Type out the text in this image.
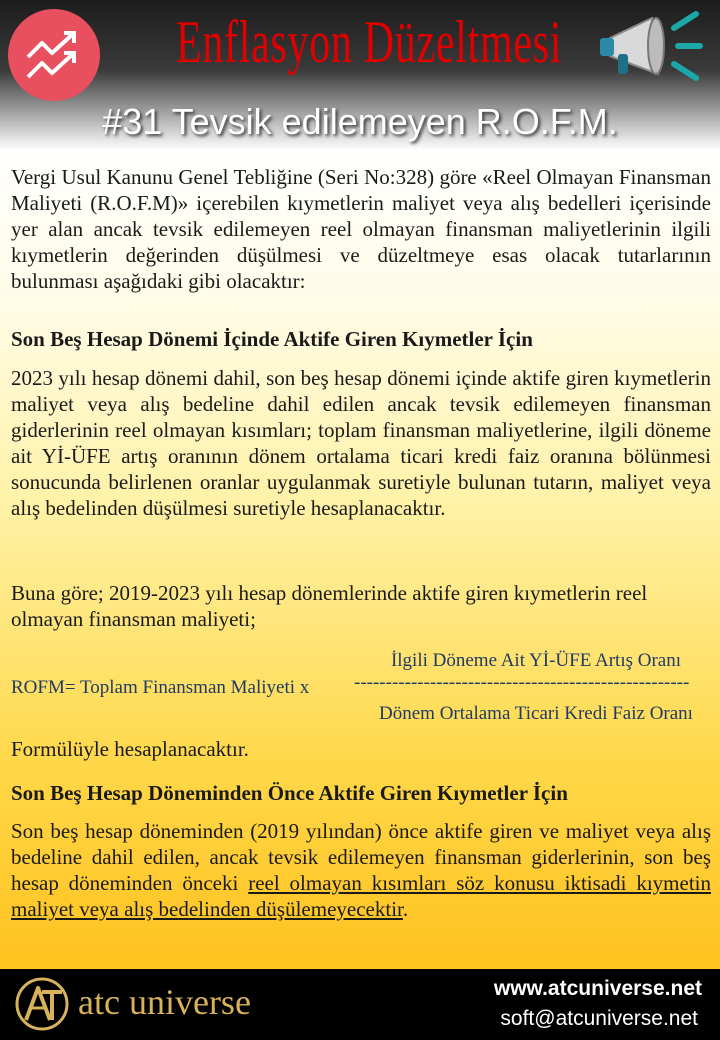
Enflasyon Düzeltmesi
#31 Tevsik edilemeyen R.O.F.M.

Vergi Usul Kanunu Genel Tebliğine (Seri No:328) göre «Reel Olmayan Finansman Maliyeti (R.O.F.M)» içerebilen kıymetlerin maliyet veya alış bedelleri içerisinde yer alan ancak tevsik edilemeyen reel olmayan finansman maliyetlerinin ilgili kıymetlerin değerinden düşülmesi ve düzeltmeye esas olacak tutarlarının bulunması aşağıdaki gibi olacaktır:

Son Beş Hesap Dönemi İçinde Aktife Giren Kıymetler İçin

2023 yılı hesap dönemi dahil, son beş hesap dönemi içinde aktife giren kıymetlerin maliyet veya alış bedeline dahil edilen ancak tevsik edilemeyen finansman giderlerinin reel olmayan kısımları; toplam finansman maliyetlerine, ilgili döneme ait Yİ-ÜFE artış oranının dönem ortalama ticari kredi faiz oranına bölünmesi sonucunda belirlenen oranlar uygulanmak suretiyle bulunan tutarın, maliyet veya alış bedelinden düşülmesi suretiyle hesaplanacaktır.

Buna göre; 2019-2023 yılı hesap dönemlerinde aktife giren kıymetlerin reel olmayan finansman maliyeti;

İlgili Döneme Ait Yİ-ÜFE Artış Oranı
ROFM= Toplam Finansman Maliyeti x -----------------------------------------------------
Dönem Ortalama Ticari Kredi Faiz Oranı

Formülüyle hesaplanacaktır.

Son Beş Hesap Döneminden Önce Aktife Giren Kıymetler İçin

Son beş hesap döneminden (2019 yılından) önce aktife giren ve maliyet veya alış bedeline dahil edilen, ancak tevsik edilemeyen finansman giderlerinin, son beş hesap döneminden önceki reel olmayan kısımları söz konusu iktisadi kıymetin maliyet veya alış bedelinden düşülemeyecektir.

atc universe	www.atcuniverse.net
soft@atcuniverse.net
